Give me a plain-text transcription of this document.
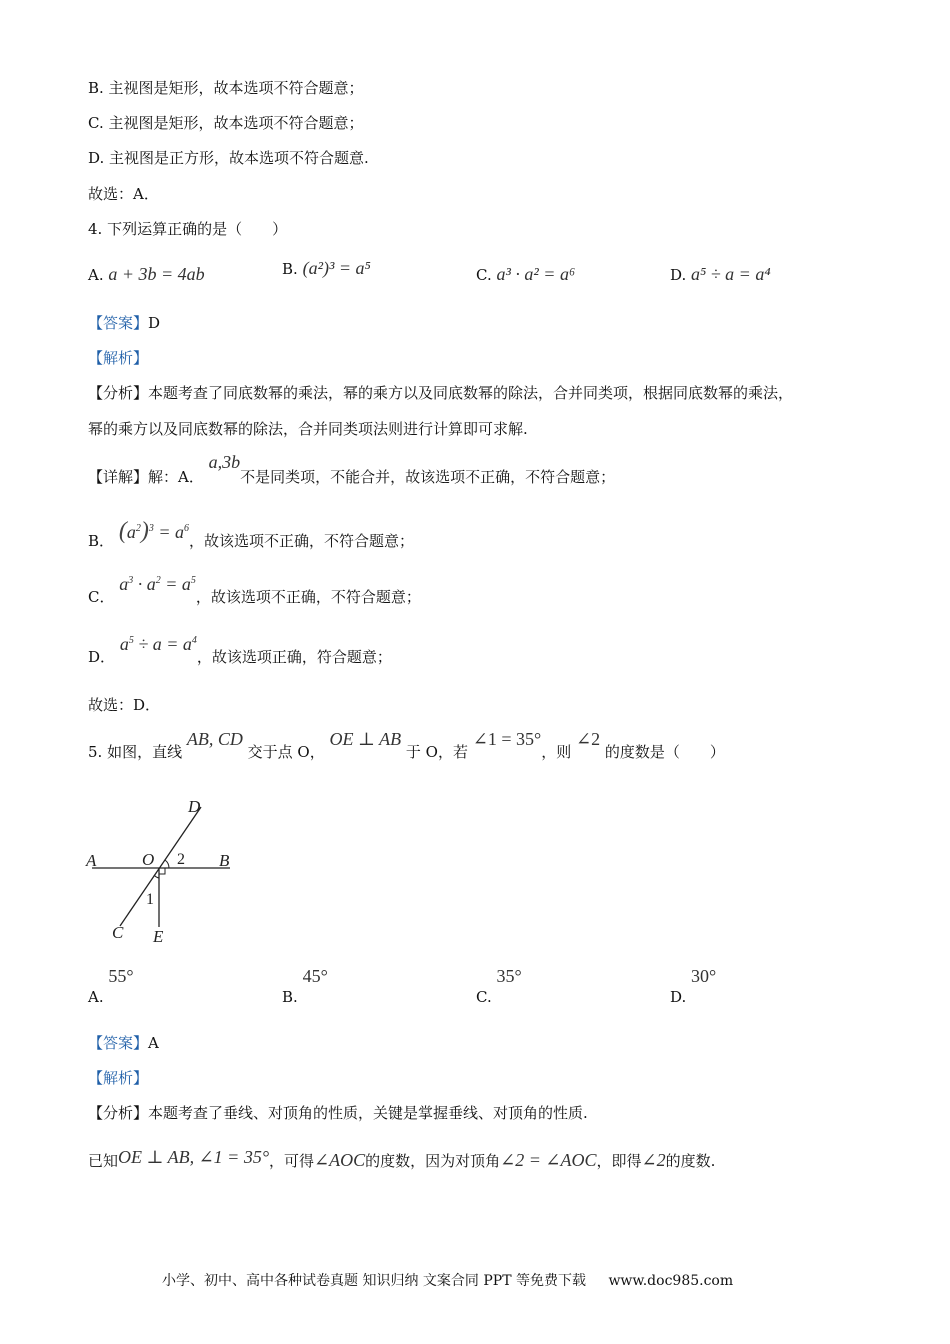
B. 主视图是矩形，故本选项不符合题意；
C. 主视图是矩形，故本选项不符合题意；
D. 主视图是正方形，故本选项不符合题意.
故选：A．
4. 下列运算正确的是（　　）
A. a + 3b = 4ab	B. (a²)³ = a⁵	C. a³ · a² = a⁶	D. a⁵ ÷ a = a⁴
【答案】D
【解析】
【分析】本题考查了同底数幂的乘法，幂的乘方以及同底数幂的除法，合并同类项，根据同底数幂的乘法，
幂的乘方以及同底数幂的除法，合并同类项法则进行计算即可求解.
【详解】解：A． a,3b不是同类项，不能合并，故该选项不正确，不符合题意；
B． $(a^2)^3 = a^6$，故该选项不正确，不符合题意；
C． $a^3 \cdot a^2 = a^5$，故该选项不正确，不符合题意；
D． $a^5 \div a = a^4$，故该选项正确，符合题意；
故选：D．
5. 如图，直线 AB, CD 交于点 O， OE ⊥ AB 于 O，若 ∠1 = 35°，则 ∠2 的度数是（　　）
D
A	O 2 B
1
C E
A. 55°
B. 45°
C. 35°
D. 30°
【答案】A
【解析】
【分析】本题考查了垂线、对顶角的性质，关键是掌握垂线、对顶角的性质.
已知OE ⊥ AB, ∠1 = 35°，可得∠AOC的度数，因为对顶角∠2 = ∠AOC，即得∠2的度数.
小学、初中、高中各种试卷真题 知识归纳 文案合同 PPT 等免费下载 www.doc985.com
